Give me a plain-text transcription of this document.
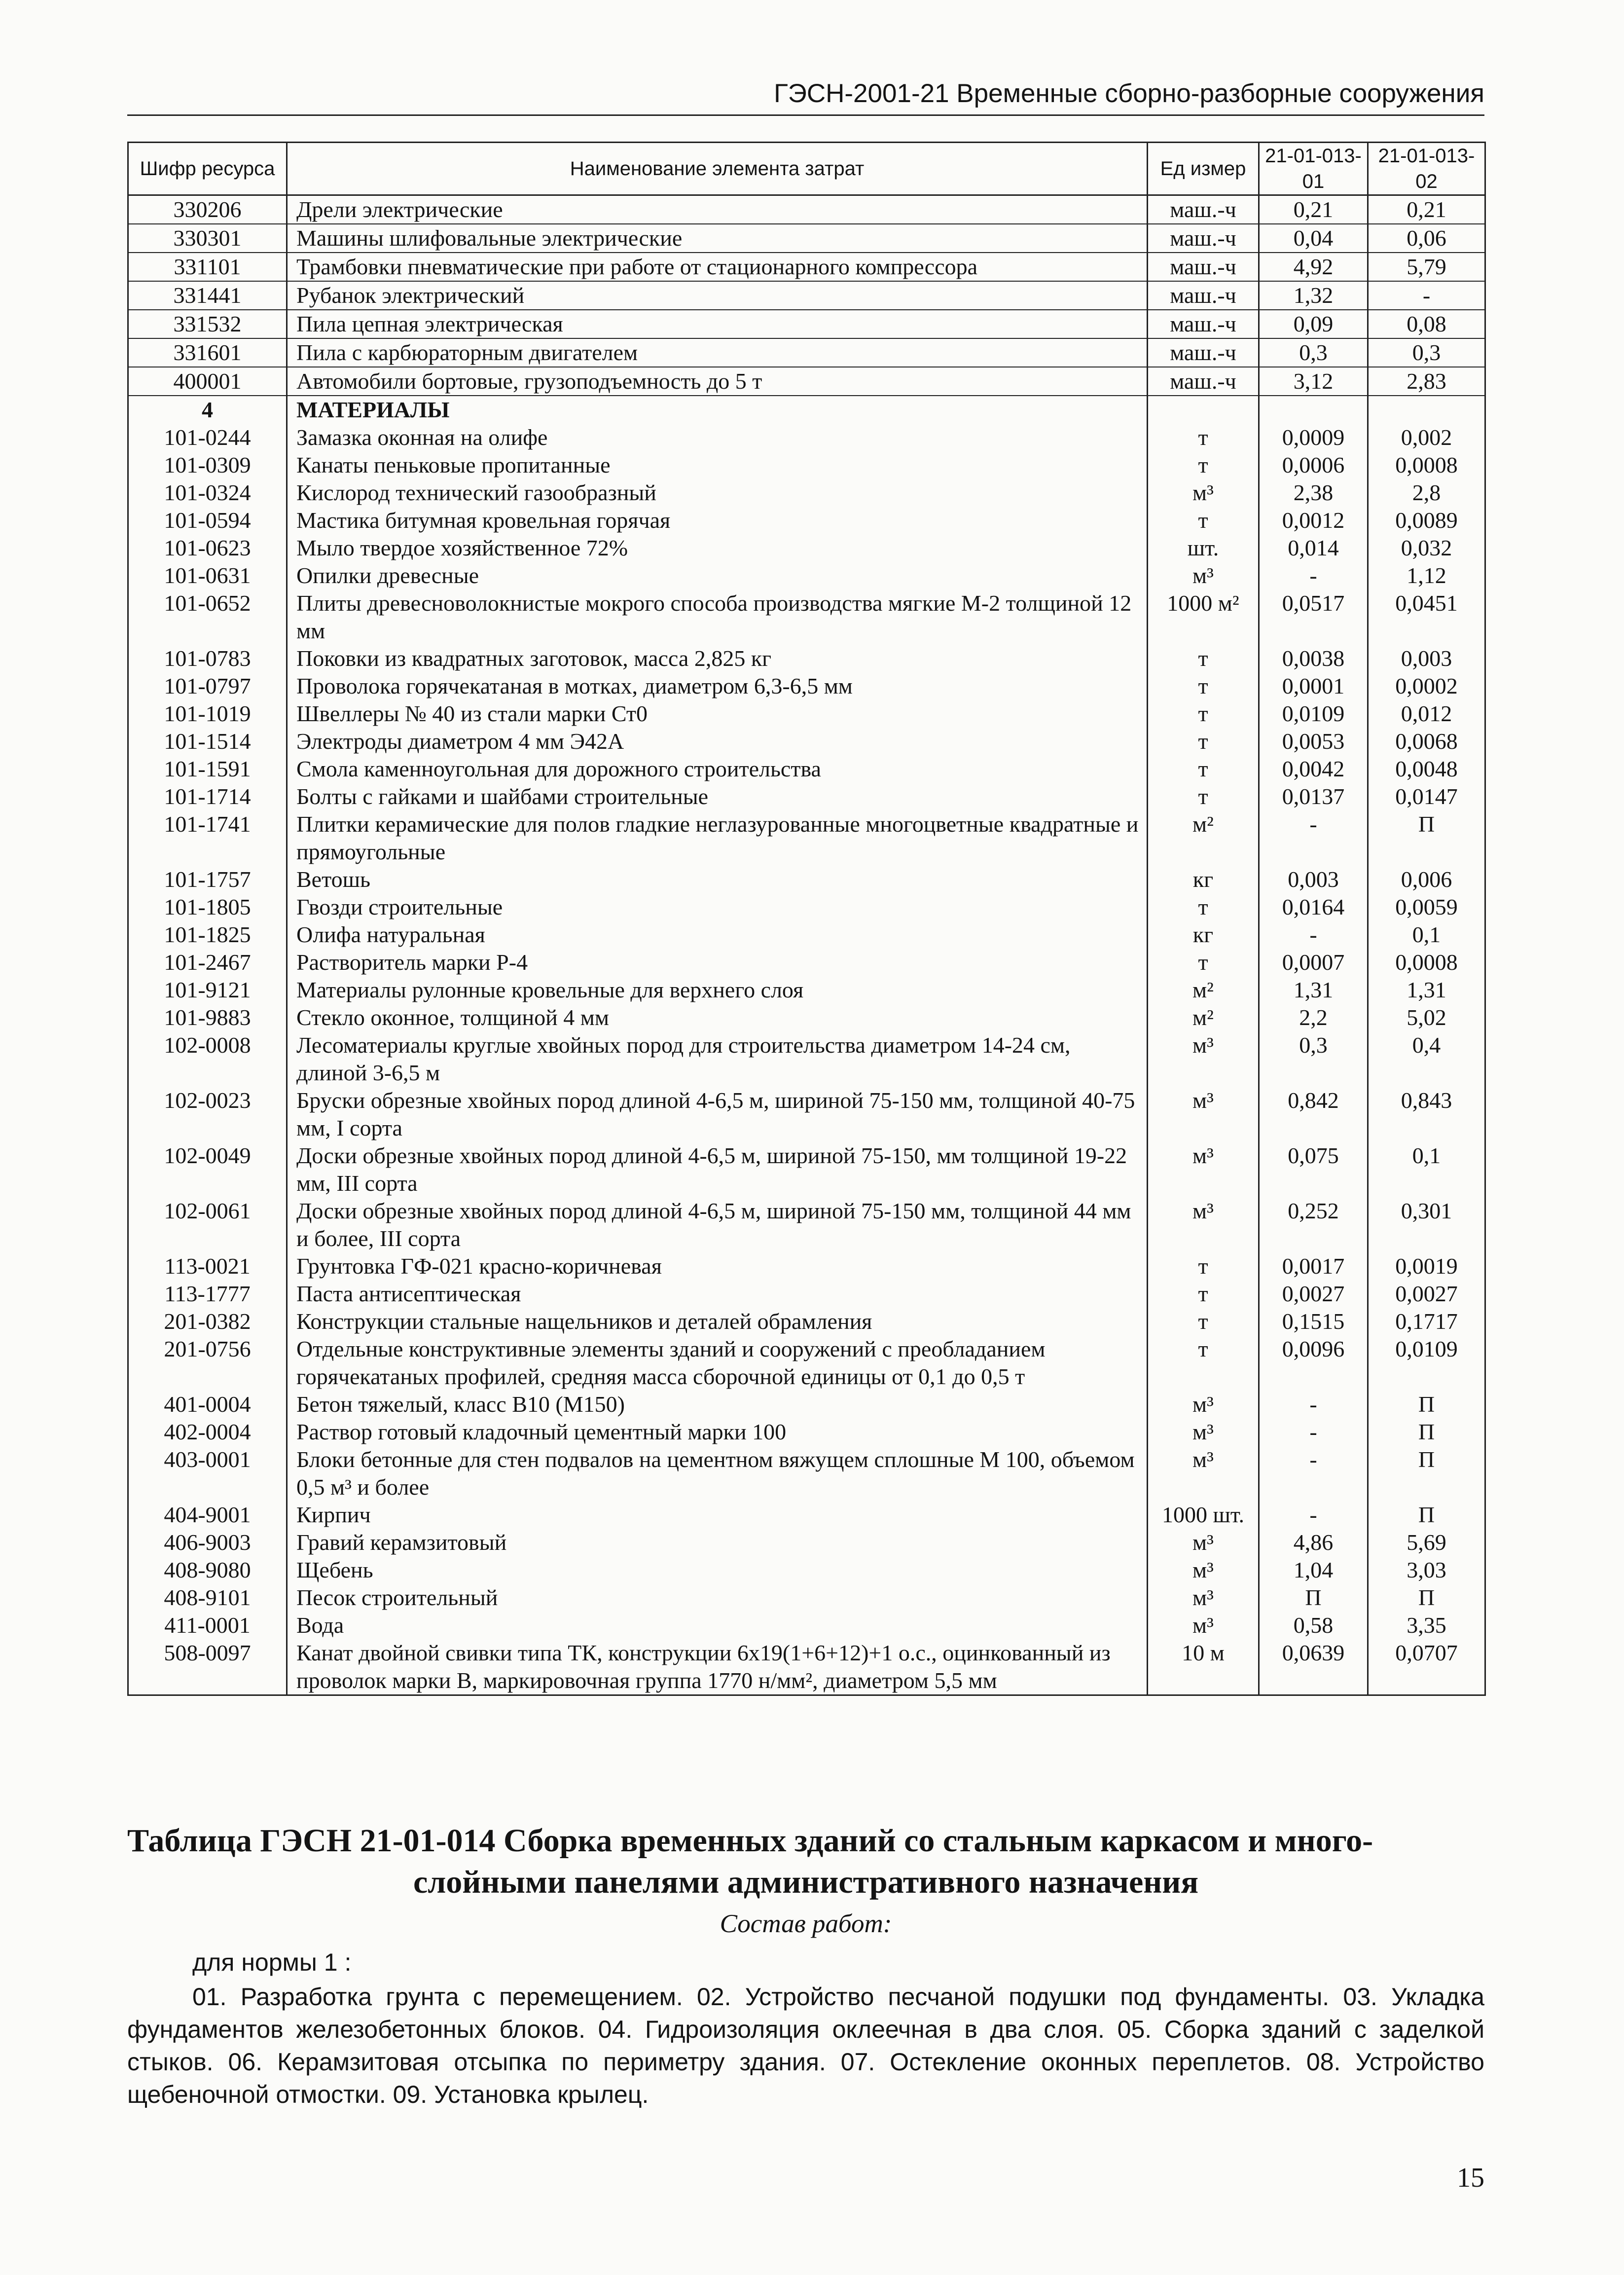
ГЭСН-2001-21 Временные сборно-разборные сооружения
Шифр ресурса	Наименование элемента затрат	Ед измер	21-01-013-01	21-01-013-02
330206	Дрели электрические	маш.-ч	0,21	0,21
330301	Машины шлифовальные электрические	маш.-ч	0,04	0,06
331101	Трамбовки пневматические при работе от стационарного компрессора	маш.-ч	4,92	5,79
331441	Рубанок электрический	маш.-ч	1,32	-
331532	Пила цепная электрическая	маш.-ч	0,09	0,08
331601	Пила с карбюраторным двигателем	маш.-ч	0,3	0,3
400001	Автомобили бортовые, грузоподъемность до 5 т	маш.-ч	3,12	2,83
4	МАТЕРИАЛЫ			
101-0244	Замазка оконная на олифе	т	0,0009	0,002
101-0309	Канаты пеньковые пропитанные	т	0,0006	0,0008
101-0324	Кислород технический газообразный	м³	2,38	2,8
101-0594	Мастика битумная кровельная горячая	т	0,0012	0,0089
101-0623	Мыло твердое хозяйственное 72%	шт.	0,014	0,032
101-0631	Опилки древесные	м³	-	1,12
101-0652	Плиты древесноволокнистые мокрого способа производства мягкие М-2 толщиной 12 мм	1000 м²	0,0517	0,0451
101-0783	Поковки из квадратных заготовок, масса 2,825 кг	т	0,0038	0,003
101-0797	Проволока горячекатаная в мотках, диаметром 6,3-6,5 мм	т	0,0001	0,0002
101-1019	Швеллеры № 40 из стали марки Ст0	т	0,0109	0,012
101-1514	Электроды диаметром 4 мм Э42А	т	0,0053	0,0068
101-1591	Смола каменноугольная для дорожного строительства	т	0,0042	0,0048
101-1714	Болты с гайками и шайбами строительные	т	0,0137	0,0147
101-1741	Плитки керамические для полов гладкие неглазурованные многоцветные квадратные и прямоугольные	м²	-	П
101-1757	Ветошь	кг	0,003	0,006
101-1805	Гвозди строительные	т	0,0164	0,0059
101-1825	Олифа натуральная	кг	-	0,1
101-2467	Растворитель марки Р-4	т	0,0007	0,0008
101-9121	Материалы рулонные кровельные для верхнего слоя	м²	1,31	1,31
101-9883	Стекло оконное, толщиной 4 мм	м²	2,2	5,02
102-0008	Лесоматериалы круглые хвойных пород для строительства диаметром 14-24 см, длиной 3-6,5 м	м³	0,3	0,4
102-0023	Бруски обрезные хвойных пород длиной 4-6,5 м, шириной 75-150 мм, толщиной 40-75 мм, I сорта	м³	0,842	0,843
102-0049	Доски обрезные хвойных пород длиной 4-6,5 м, шириной 75-150, мм толщиной 19-22 мм, III сорта	м³	0,075	0,1
102-0061	Доски обрезные хвойных пород длиной 4-6,5 м, шириной 75-150 мм, толщиной 44 мм и более, III сорта	м³	0,252	0,301
113-0021	Грунтовка ГФ-021 красно-коричневая	т	0,0017	0,0019
113-1777	Паста антисептическая	т	0,0027	0,0027
201-0382	Конструкции стальные нащельников и деталей обрамления	т	0,1515	0,1717
201-0756	Отдельные конструктивные элементы зданий и сооружений с преобладанием горячекатаных профилей, средняя масса сборочной единицы от 0,1 до 0,5 т	т	0,0096	0,0109
401-0004	Бетон тяжелый, класс В10 (М150)	м³	-	П
402-0004	Раствор готовый кладочный цементный марки 100	м³	-	П
403-0001	Блоки бетонные для стен подвалов на цементном вяжущем сплошные М 100, объемом 0,5 м³ и более	м³	-	П
404-9001	Кирпич	1000 шт.	-	П
406-9003	Гравий керамзитовый	м³	4,86	5,69
408-9080	Щебень	м³	1,04	3,03
408-9101	Песок строительный	м³	П	П
411-0001	Вода	м³	0,58	3,35
508-0097	Канат двойной свивки типа ТК, конструкции 6х19(1+6+12)+1 о.с., оцинкованный из проволок марки В, маркировочная группа 1770 н/мм², диаметром 5,5 мм	10 м	0,0639	0,0707
Таблица ГЭСН 21-01-014 Сборка временных зданий со стальным каркасом и много-
слойными панелями административного назначения
Состав работ:
для нормы 1 :
01. Разработка грунта с перемещением. 02. Устройство песчаной подушки под фундаменты. 03. Укладка фундаментов железобетонных блоков. 04. Гидроизоляция оклеечная в два слоя. 05. Сборка зданий с заделкой стыков. 06. Керамзитовая отсыпка по периметру здания. 07. Остекление оконных переплетов. 08. Устройство щебеночной отмостки. 09. Установка крылец.
15
